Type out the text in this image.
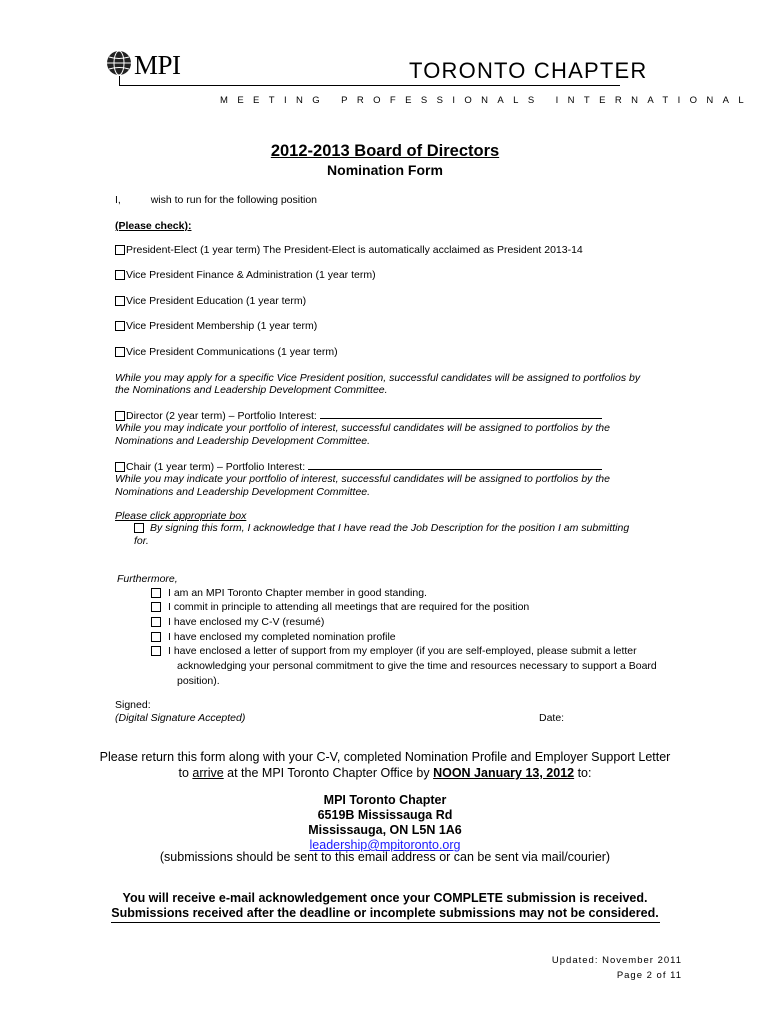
MPI	TORONTO CHAPTER
MEETING PROFESSIONALS INTERNATIONAL
2012-2013 Board of Directors
Nomination Form
I,	wish to run for the following position
(Please check):
President-Elect (1 year term) The President-Elect is automatically acclaimed as President 2013-14
Vice President Finance & Administration (1 year term)
Vice President Education (1 year term)
Vice President Membership (1 year term)
Vice President Communications (1 year term)
While you may apply for a specific Vice President position, successful candidates will be assigned to portfolios by
the Nominations and Leadership Development Committee.
Director (2 year term) – Portfolio Interest:
While you may indicate your portfolio of interest, successful candidates will be assigned to portfolios by the
Nominations and Leadership Development Committee.
Chair (1 year term) – Portfolio Interest:
While you may indicate your portfolio of interest, successful candidates will be assigned to portfolios by the
Nominations and Leadership Development Committee.
Please click appropriate box
By signing this form, I acknowledge that I have read the Job Description for the position I am submitting
for.
Furthermore,
I am an MPI Toronto Chapter member in good standing.
I commit in principle to attending all meetings that are required for the position
I have enclosed my C-V (resumé)
I have enclosed my completed nomination profile
I have enclosed a letter of support from my employer (if you are self-employed, please submit a letter
acknowledging your personal commitment to give the time and resources necessary to support a Board
position).
Signed:
(Digital Signature Accepted)	Date:
Please return this form along with your C-V, completed Nomination Profile and Employer Support Letter
to arrive at the MPI Toronto Chapter Office by NOON January 13, 2012 to:
MPI Toronto Chapter
6519B Mississauga Rd
Mississauga, ON L5N 1A6
leadership@mpitoronto.org
(submissions should be sent to this email address or can be sent via mail/courier)
You will receive e-mail acknowledgement once your COMPLETE submission is received.
Submissions received after the deadline or incomplete submissions may not be considered.
Updated: November 2011
Page 2 of 11
